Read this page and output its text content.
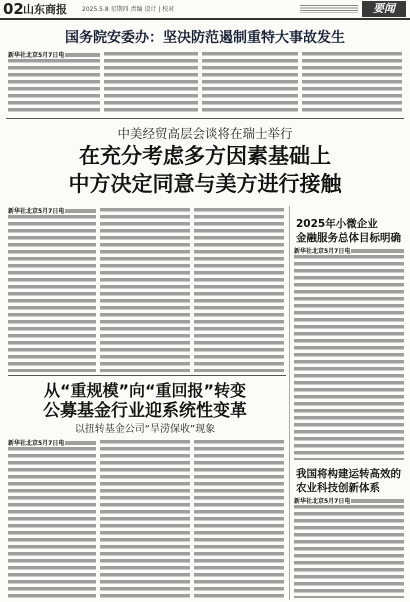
02 山东商报	2025.5.8 星期四 责编 设计 | 校对	要闻
国务院安委办：坚决防范遏制重特大事故发生
新华社北京5月7日电
中美经贸高层会谈将在瑞士举行
在充分考虑多方因素基础上
中方决定同意与美方进行接触
新华社北京5月7日电
2025年小微企业
金融服务总体目标明确
新华社北京5月7日电
我国将构建运转高效的
农业科技创新体系
新华社北京5月7日电
从“重规模”向“重回报”转变
公募基金行业迎系统性变革
以扭转基金公司“旱涝保收”现象
新华社北京5月7日电
